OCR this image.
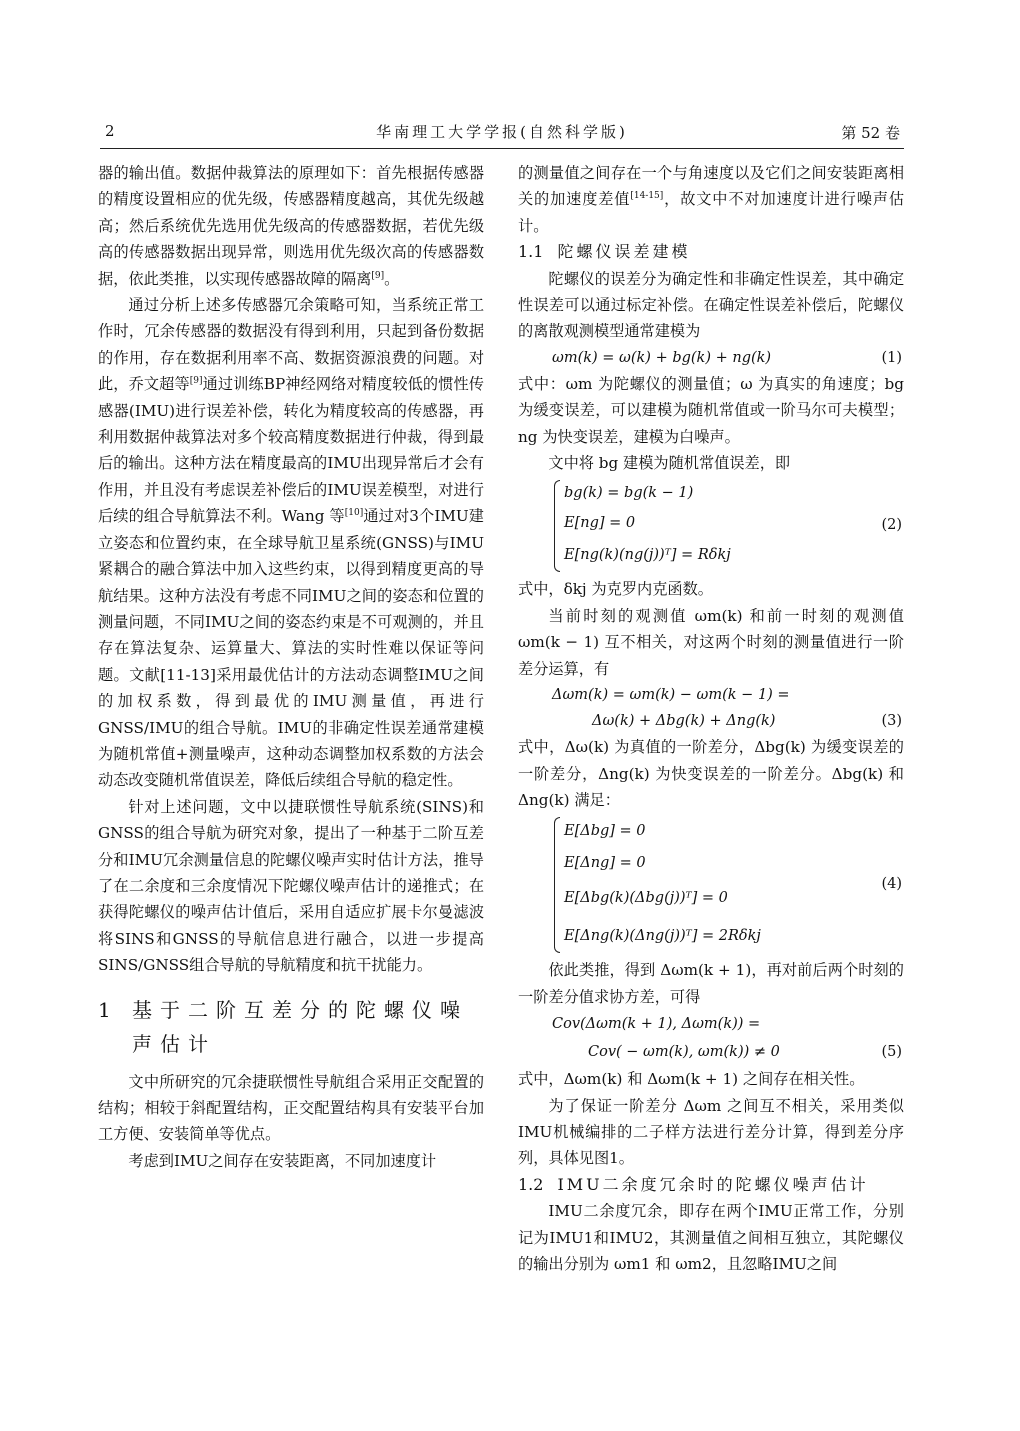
2	华南理工大学学报(自然科学版)	第 52 卷

器的输出值。数据仲裁算法的原理如下：首先根据传感器的精度设置相应的优先级，传感器精度越高，其优先级越高；然后系统优先选用优先级高的传感器数据，若优先级高的传感器数据出现异常，则选用优先级次高的传感器数据，依此类推，以实现传感器故障的隔离[9]。

通过分析上述多传感器冗余策略可知，当系统正常工作时，冗余传感器的数据没有得到利用，只起到备份数据的作用，存在数据利用率不高、数据资源浪费的问题。对此，乔文超等[9]通过训练BP神经网络对精度较低的惯性传感器(IMU)进行误差补偿，转化为精度较高的传感器，再利用数据仲裁算法对多个较高精度数据进行仲裁，得到最后的输出。这种方法在精度最高的IMU出现异常后才会有作用，并且没有考虑误差补偿后的IMU误差模型，对进行后续的组合导航算法不利。Wang 等[10]通过对3个IMU建立姿态和位置约束，在全球导航卫星系统(GNSS)与IMU紧耦合的融合算法中加入这些约束，以得到精度更高的导航结果。这种方法没有考虑不同IMU之间的姿态和位置的测量问题，不同IMU之间的姿态约束是不可观测的，并且存在算法复杂、运算量大、算法的实时性难以保证等问题。文献[11-13]采用最优估计的方法动态调整IMU之间的加权系数，得到最优的IMU测量值，再进行GNSS/IMU的组合导航。IMU的非确定性误差通常建模为随机常值+测量噪声，这种动态调整加权系数的方法会动态改变随机常值误差，降低后续组合导航的稳定性。

针对上述问题，文中以捷联惯性导航系统(SINS)和GNSS的组合导航为研究对象，提出了一种基于二阶互差分和IMU冗余测量信息的陀螺仪噪声实时估计方法，推导了在二余度和三余度情况下陀螺仪噪声估计的递推式；在获得陀螺仪的噪声估计值后，采用自适应扩展卡尔曼滤波将SINS和GNSS的导航信息进行融合，以进一步提高SINS/GNSS组合导航的导航精度和抗干扰能力。

1	基于二阶互差分的陀螺仪噪声估计

文中所研究的冗余捷联惯性导航组合采用正交配置的结构；相较于斜配置结构，正交配置结构具有安装平台加工方便、安装简单等优点。

考虑到IMU之间存在安装距离，不同加速度计

的测量值之间存在一个与角速度以及它们之间安装距离相关的加速度差值[14-15]，故文中不对加速度计进行噪声估计。

1.1 陀螺仪误差建模

陀螺仪的误差分为确定性和非确定性误差，其中确定性误差可以通过标定补偿。在确定性误差补偿后，陀螺仪的离散观测模型通常建模为

ωm(k) = ω(k) + bg(k) + ng(k)	(1)

式中：ωm 为陀螺仪的测量值；ω 为真实的角速度；bg 为缓变误差，可以建模为随机常值或一阶马尔可夫模型；ng 为快变误差，建模为白噪声。

文中将 bg 建模为随机常值误差，即

bg(k) = bg(k − 1)
E[ng] = 0
E[ng(k)(ng(j))ᵀ] = Rδkj
(2)

式中，δkj 为克罗内克函数。

当前时刻的观测值 ωm(k) 和前一时刻的观测值 ωm(k − 1) 互不相关，对这两个时刻的测量值进行一阶差分运算，有

Δωm(k) = ωm(k) − ωm(k − 1) =
Δω(k) + Δbg(k) + Δng(k)	(3)

式中，Δω(k) 为真值的一阶差分，Δbg(k) 为缓变误差的一阶差分，Δng(k) 为快变误差的一阶差分。Δbg(k) 和 Δng(k) 满足：

E[Δbg] = 0
E[Δng] = 0
E[Δbg(k)(Δbg(j))ᵀ] = 0
E[Δng(k)(Δng(j))ᵀ] = 2Rδkj
(4)

依此类推，得到 Δωm(k + 1)，再对前后两个时刻的一阶差分值求协方差，可得

Cov(Δωm(k + 1), Δωm(k)) =
Cov( − ωm(k), ωm(k)) ≠ 0	(5)

式中，Δωm(k) 和 Δωm(k + 1) 之间存在相关性。

为了保证一阶差分 Δωm 之间互不相关，采用类似IMU机械编排的二子样方法进行差分计算，得到差分序列，具体见图1。

1.2 IMU二余度冗余时的陀螺仪噪声估计

IMU二余度冗余，即存在两个IMU正常工作，分别记为IMU1和IMU2，其测量值之间相互独立，其陀螺仪的输出分别为 ωm1 和 ωm2，且忽略IMU之间
